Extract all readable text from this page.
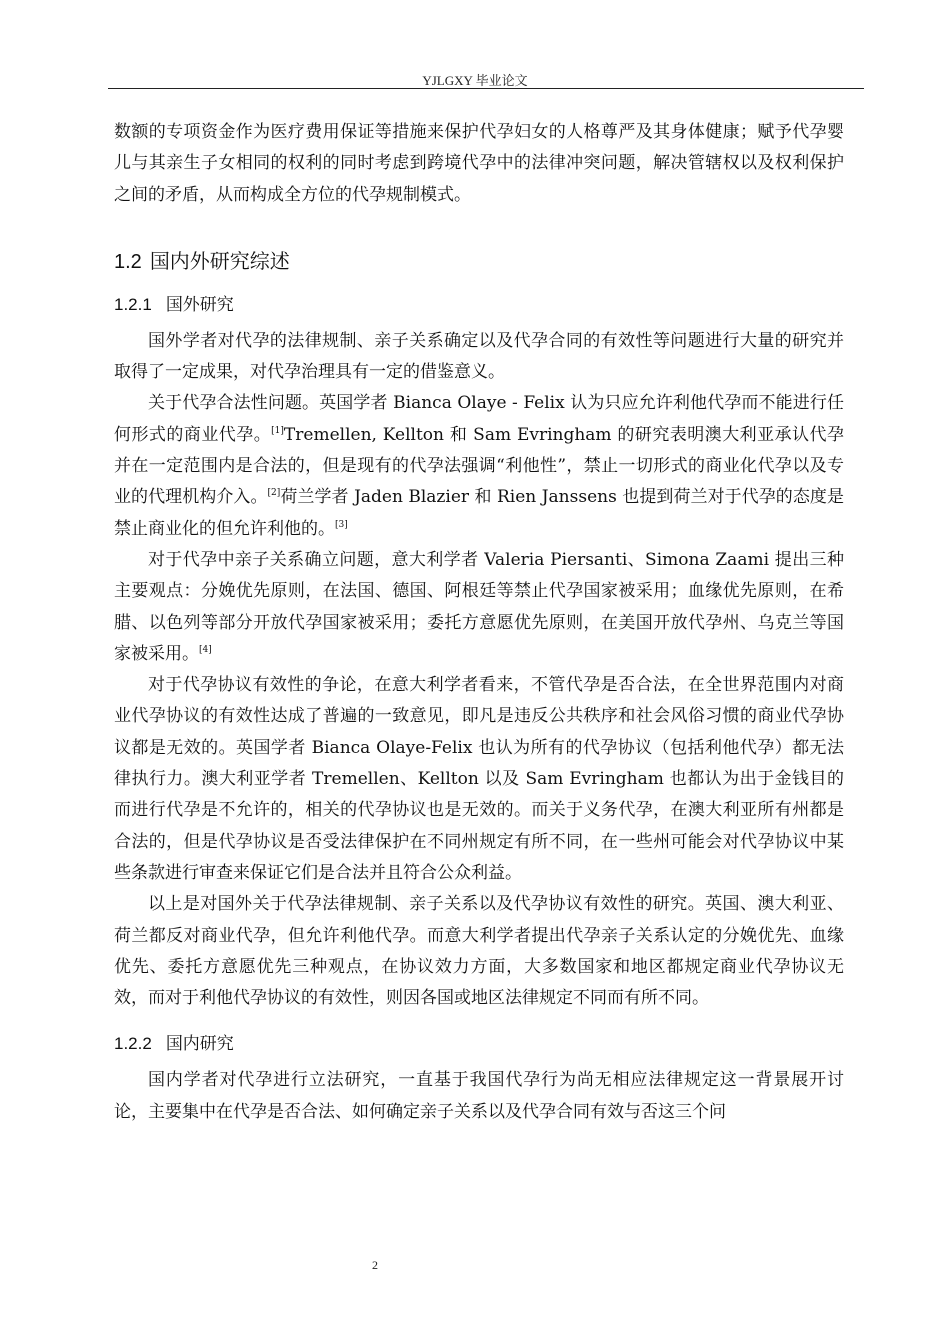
YJLGXY 毕业论文

数额的专项资金作为医疗费用保证等措施来保护代孕妇女的人格尊严及其身体健康；赋予代孕婴儿与其亲生子女相同的权利的同时考虑到跨境代孕中的法律冲突问题，解决管辖权以及权利保护之间的矛盾，从而构成全方位的代孕规制模式。

1.2 国内外研究综述
1.2.1 国外研究

国外学者对代孕的法律规制、亲子关系确定以及代孕合同的有效性等问题进行大量的研究并取得了一定成果，对代孕治理具有一定的借鉴意义。

关于代孕合法性问题。英国学者 Bianca Olaye - Felix 认为只应允许利他代孕而不能进行任何形式的商业代孕。[1]Tremellen, Kellton 和 Sam Evringham 的研究表明澳大利亚承认代孕并在一定范围内是合法的，但是现有的代孕法强调“利他性”，禁止一切形式的商业化代孕以及专业的代理机构介入。[2]荷兰学者 Jaden Blazier 和 Rien Janssens 也提到荷兰对于代孕的态度是禁止商业化的但允许利他的。[3]

对于代孕中亲子关系确立问题，意大利学者 Valeria Piersanti、Simona Zaami 提出三种主要观点：分娩优先原则，在法国、德国、阿根廷等禁止代孕国家被采用；血缘优先原则，在希腊、以色列等部分开放代孕国家被采用；委托方意愿优先原则，在美国开放代孕州、乌克兰等国家被采用。[4]

对于代孕协议有效性的争论，在意大利学者看来，不管代孕是否合法，在全世界范围内对商业代孕协议的有效性达成了普遍的一致意见，即凡是违反公共秩序和社会风俗习惯的商业代孕协议都是无效的。英国学者 Bianca Olaye-Felix 也认为所有的代孕协议（包括利他代孕）都无法律执行力。澳大利亚学者 Tremellen、Kellton 以及 Sam Evringham 也都认为出于金钱目的而进行代孕是不允许的，相关的代孕协议也是无效的。而关于义务代孕，在澳大利亚所有州都是合法的，但是代孕协议是否受法律保护在不同州规定有所不同，在一些州可能会对代孕协议中某些条款进行审查来保证它们是合法并且符合公众利益。

以上是对国外关于代孕法律规制、亲子关系以及代孕协议有效性的研究。英国、澳大利亚、荷兰都反对商业代孕，但允许利他代孕。而意大利学者提出代孕亲子关系认定的分娩优先、血缘优先、委托方意愿优先三种观点，在协议效力方面，大多数国家和地区都规定商业代孕协议无效，而对于利他代孕协议的有效性，则因各国或地区法律规定不同而有所不同。

1.2.2 国内研究

国内学者对代孕进行立法研究，一直基于我国代孕行为尚无相应法律规定这一背景展开讨论，主要集中在代孕是否合法、如何确定亲子关系以及代孕合同有效与否这三个问

2
